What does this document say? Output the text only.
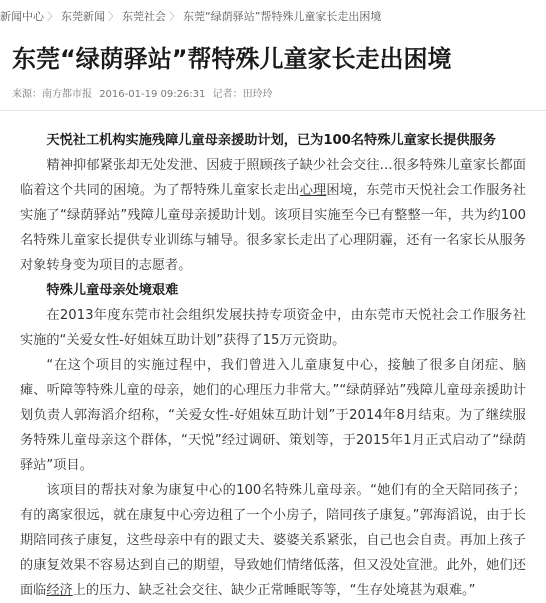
新闻中心 〉 东莞新闻 〉 东莞社会 〉 东莞“绿荫驿站”帮特殊儿童家长走出困境
东莞“绿荫驿站”帮特殊儿童家长走出困境
来源：南方都市报 2016-01-19 09:26:31 记者：田玲玲

天悦社工机构实施残障儿童母亲援助计划，已为100名特殊儿童家长提供服务

精神抑郁紧张却无处发泄、因疲于照顾孩子缺少社会交往…很多特殊儿童家长都面临着这个共同的困境。为了帮特殊儿童家长走出心理困境，东莞市天悦社会工作服务社实施了“绿荫驿站”残障儿童母亲援助计划。该项目实施至今已有整整一年，共为约100名特殊儿童家长提供专业训练与辅导。很多家长走出了心理阴霾，还有一名家长从服务对象转身变为项目的志愿者。

特殊儿童母亲处境艰难

在2013年度东莞市社会组织发展扶持专项资金中，由东莞市天悦社会工作服务社实施的“关爱女性-好姐妹互助计划”获得了15万元资助。

“在这个项目的实施过程中，我们曾进入儿童康复中心，接触了很多自闭症、脑瘫、听障等特殊儿童的母亲，她们的心理压力非常大。”“绿荫驿站”残障儿童母亲援助计划负责人郭海滔介绍称，“关爱女性-好姐妹互助计划”于2014年8月结束。为了继续服务特殊儿童母亲这个群体，“天悦”经过调研、策划等，于2015年1月正式启动了“绿荫驿站”项目。

该项目的帮扶对象为康复中心的100名特殊儿童母亲。“她们有的全天陪同孩子；有的离家很远，就在康复中心旁边租了一个小房子，陪同孩子康复。”郭海滔说，由于长期陪同孩子康复，这些母亲中有的跟丈夫、婆婆关系紧张，自己也会自责。再加上孩子的康复效果不容易达到自己的期望，导致她们情绪低落，但又没处宣泄。此外，她们还面临经济上的压力、缺乏社会交往、缺少正常睡眠等等，“生存处境甚为艰难。”
